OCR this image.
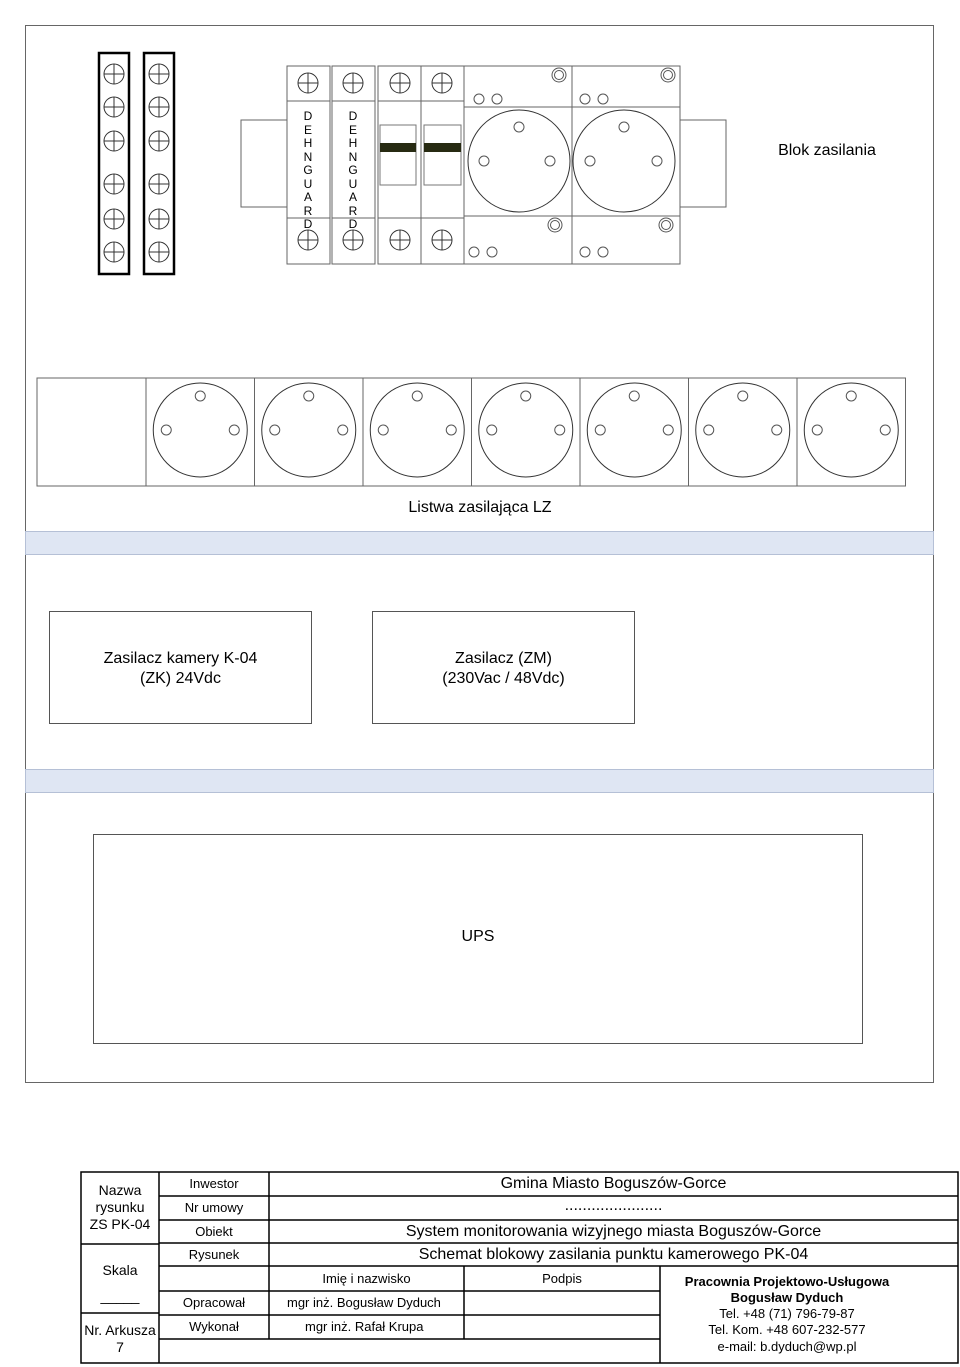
DEHNGUARD
DEHNGUARD
Blok zasilania
Listwa zasilająca LZ
Zasilacz kamery K-04
(ZK) 24Vdc
Zasilacz (ZM)
(230Vac / 48Vdc)
UPS
Nazwa
rysunku
ZS PK-04
Skala
_____
Nr. Arkusza
7
Inwestor	Gmina Miasto Boguszów-Gorce
Nr umowy	......................
Obiekt	System monitorowania wizyjnego miasta Boguszów-Gorce
Rysunek	Schemat blokowy zasilania punktu kamerowego PK-04
Imię i nazwisko	Podpis
Opracował	mgr inż. Bogusław Dyduch
Wykonał	mgr inż. Rafał Krupa
Pracownia Projektowo-Usługowa
Bogusław Dyduch
Tel. +48 (71) 796-79-87
Tel. Kom. +48 607-232-577
e-mail: b.dyduch@wp.pl
